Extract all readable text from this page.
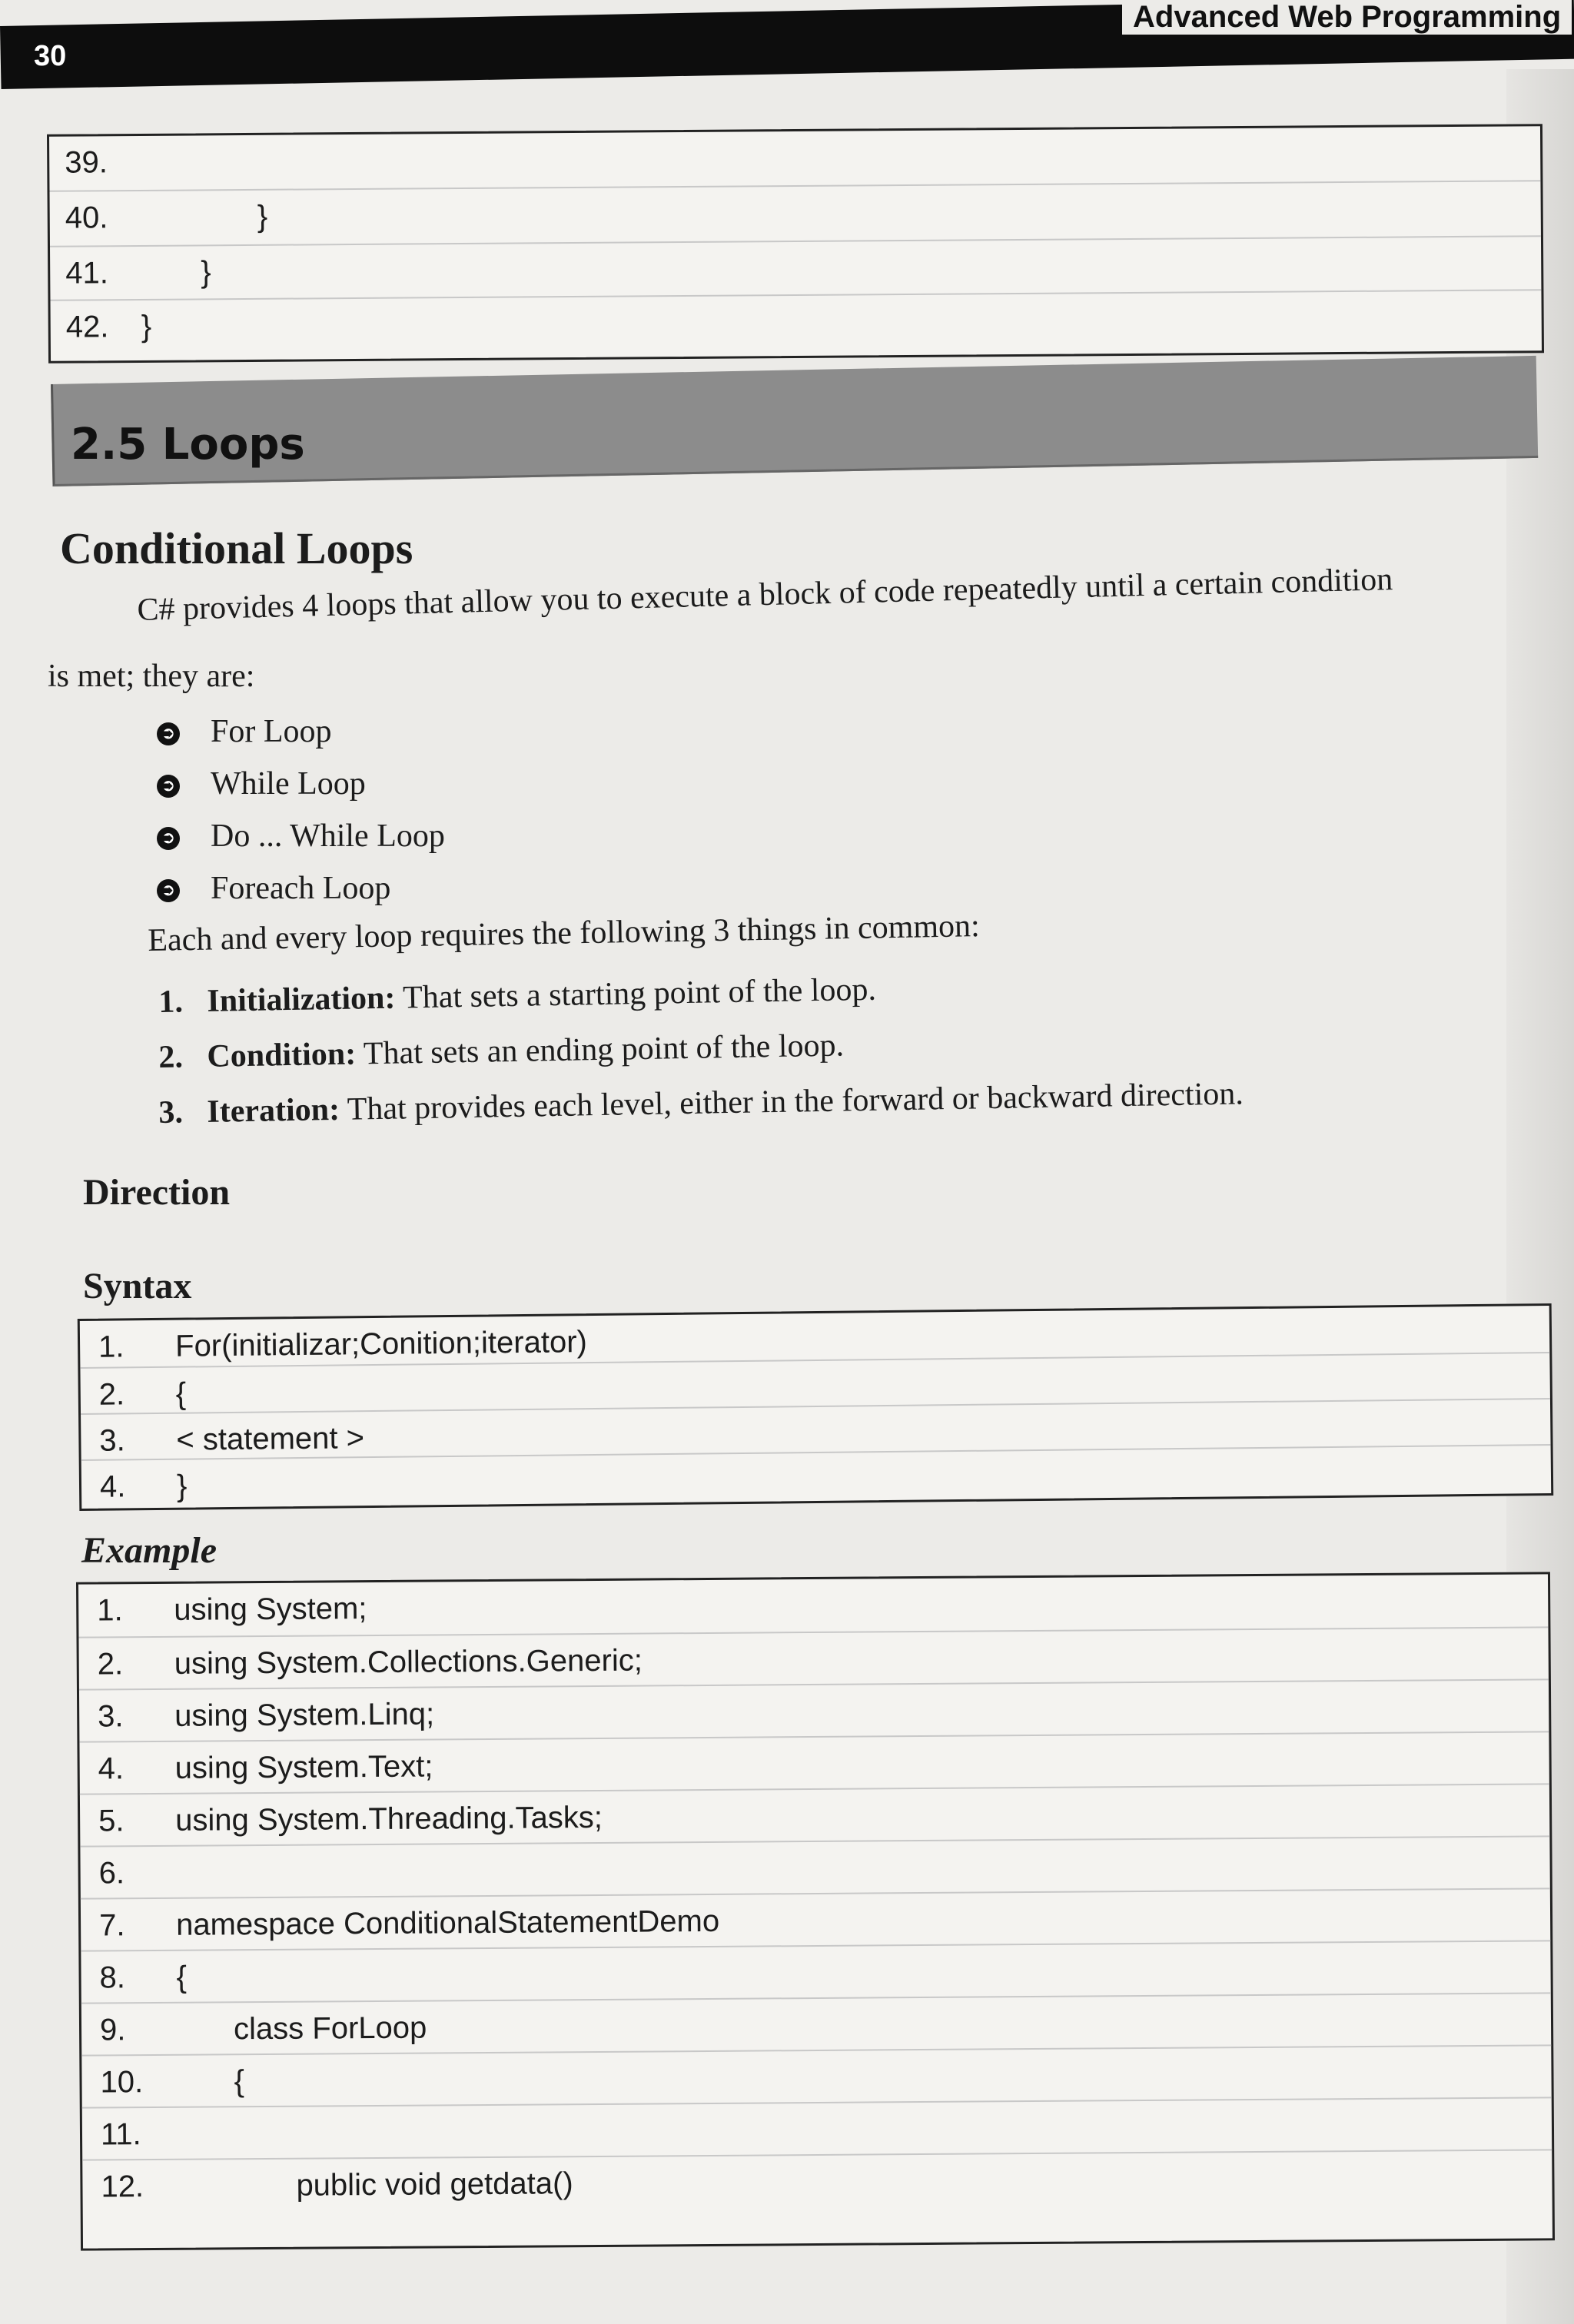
30
Advanced Web Programming
39.
40.	}
41.	}
42.	}
2.5 Loops
Conditional Loops
C# provides 4 loops that allow you to execute a block of code repeatedly until a certain condition
is met; they are:
➲ For Loop
➲ While Loop
➲ Do ... While Loop
➲ Foreach Loop
Each and every loop requires the following 3 things in common:
1. Initialization: That sets a starting point of the loop.
2. Condition: That sets an ending point of the loop.
3. Iteration: That provides each level, either in the forward or backward direction.
Direction
Syntax
1.	For(initializar;Conition;iterator)
2.	{
3.	< statement >
4.	}
Example
1.	using System;
2.	using System.Collections.Generic;
3.	using System.Linq;
4.	using System.Text;
5.	using System.Threading.Tasks;
6.
7.	namespace ConditionalStatementDemo
8.	{
9.	class ForLoop
10.	{
11.
12.	public void getdata()
